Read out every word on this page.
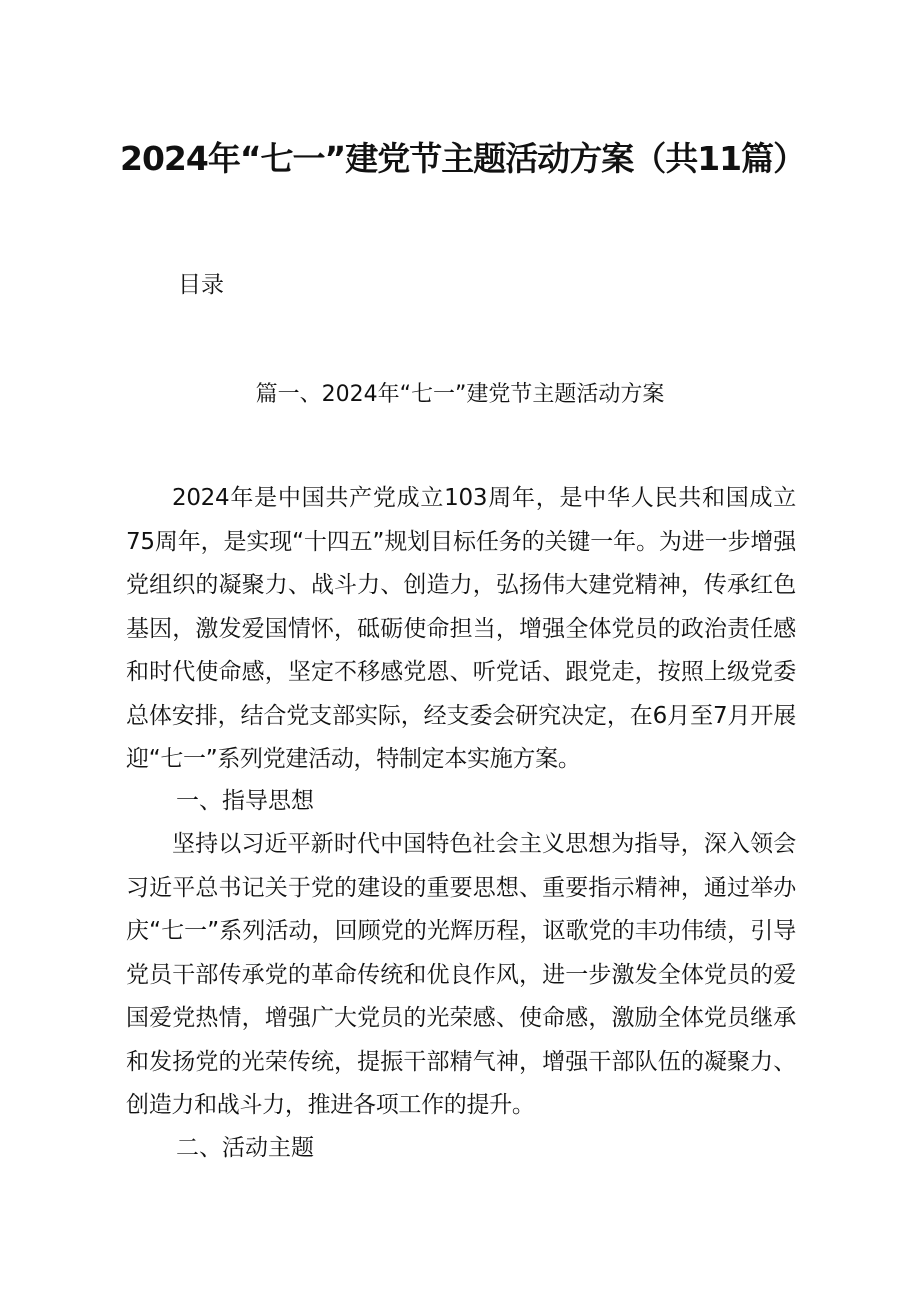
2024年“七一”建党节主题活动方案（共11篇）
目录
篇一、2024年“七一”建党节主题活动方案
2024年是中国共产党成立103周年，是中华人民共和国成立75周年，是实现“十四五”规划目标任务的关键一年。为进一步增强党组织的凝聚力、战斗力、创造力，弘扬伟大建党精神，传承红色基因，激发爱国情怀，砥砺使命担当，增强全体党员的政治责任感和时代使命感，坚定不移感党恩、听党话、跟党走，按照上级党委总体安排，结合党支部实际，经支委会研究决定，在6月至7月开展迎“七一”系列党建活动，特制定本实施方案。
一、指导思想
坚持以习近平新时代中国特色社会主义思想为指导，深入领会习近平总书记关于党的建设的重要思想、重要指示精神，通过举办庆“七一”系列活动，回顾党的光辉历程，讴歌党的丰功伟绩，引导党员干部传承党的革命传统和优良作风，进一步激发全体党员的爱国爱党热情，增强广大党员的光荣感、使命感，激励全体党员继承和发扬党的光荣传统，提振干部精气神，增强干部队伍的凝聚力、创造力和战斗力，推进各项工作的提升。
二、活动主题
